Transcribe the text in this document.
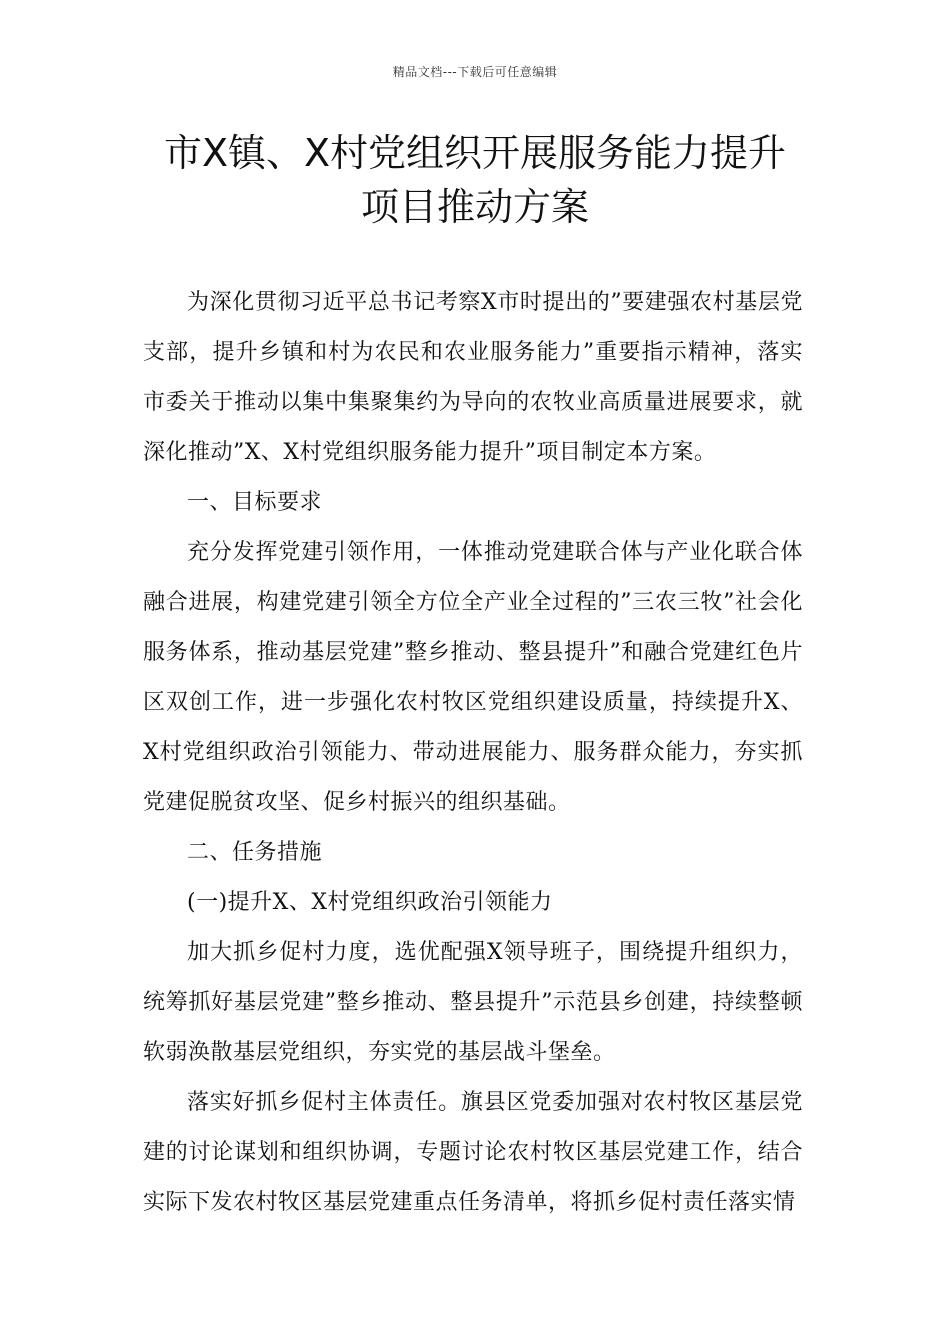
精品文档---下载后可任意编辑
市X镇、X村党组织开展服务能力提升
项目推动方案

为深化贯彻习近平总书记考察X市时提出的”要建强农村基层党支部，提升乡镇和村为农民和农业服务能力”重要指示精神，落实市委关于推动以集中集聚集约为导向的农牧业高质量进展要求，就深化推动”X、X村党组织服务能力提升”项目制定本方案。

一、目标要求

充分发挥党建引领作用，一体推动党建联合体与产业化联合体融合进展，构建党建引领全方位全产业全过程的”三农三牧”社会化服务体系，推动基层党建”整乡推动、整县提升”和融合党建红色片区双创工作，进一步强化农村牧区党组织建设质量，持续提升X、X村党组织政治引领能力、带动进展能力、服务群众能力，夯实抓党建促脱贫攻坚、促乡村振兴的组织基础。

二、任务措施

(一)提升X、X村党组织政治引领能力

加大抓乡促村力度，选优配强X领导班子，围绕提升组织力，统筹抓好基层党建”整乡推动、整县提升”示范县乡创建，持续整顿软弱涣散基层党组织，夯实党的基层战斗堡垒。

落实好抓乡促村主体责任。旗县区党委加强对农村牧区基层党建的讨论谋划和组织协调，专题讨论农村牧区基层党建工作，结合实际下发农村牧区基层党建重点任务清单，将抓乡促村责任落实情
